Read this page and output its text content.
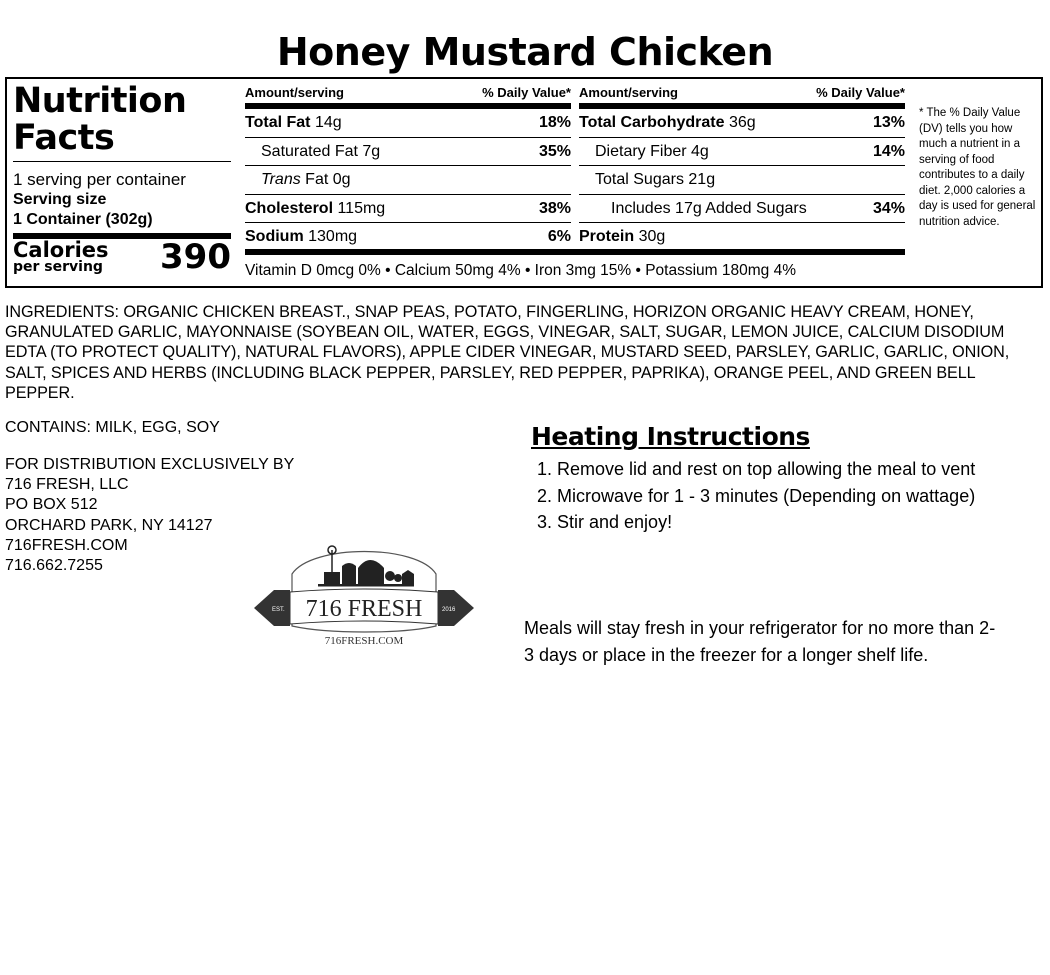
Honey Mustard Chicken
Nutrition
Facts
1 serving per container
Serving size
1 Container (302g)
Calories
per serving 390
Amount/serving	% Daily Value*
Total Fat 14g	18%
Saturated Fat 7g	35%
Trans Fat 0g
Cholesterol 115mg	38%
Sodium 130mg	6%
Amount/serving	% Daily Value*
Total Carbohydrate 36g	13%
Dietary Fiber 4g	14%
Total Sugars 21g
Includes 17g Added Sugars	34%
Protein 30g
Vitamin D 0mcg 0% • Calcium 50mg 4% • Iron 3mg 15% • Potassium 180mg 4%
* The % Daily Value (DV) tells you how much a nutrient in a serving of food contributes to a daily diet. 2,000 calories a day is used for general nutrition advice.
INGREDIENTS: ORGANIC CHICKEN BREAST., SNAP PEAS, POTATO, FINGERLING, HORIZON ORGANIC HEAVY CREAM, HONEY, GRANULATED GARLIC, MAYONNAISE (SOYBEAN OIL, WATER, EGGS, VINEGAR, SALT, SUGAR, LEMON JUICE, CALCIUM DISODIUM EDTA (TO PROTECT QUALITY), NATURAL FLAVORS), APPLE CIDER VINEGAR, MUSTARD SEED, PARSLEY, GARLIC, GARLIC, ONION, SALT, SPICES AND HERBS (INCLUDING BLACK PEPPER, PARSLEY, RED PEPPER, PAPRIKA), ORANGE PEEL, AND GREEN BELL PEPPER.
CONTAINS: MILK, EGG, SOY
FOR DISTRIBUTION EXCLUSIVELY BY
716 FRESH, LLC
PO BOX 512
ORCHARD PARK, NY 14127
716FRESH.COM
716.662.7255
EST.	2016
716 FRESH
716FRESH.COM
Heating Instructions
1. Remove lid and rest on top allowing the meal to vent
2. Microwave for 1 - 3 minutes (Depending on wattage)
3. Stir and enjoy!
Meals will stay fresh in your refrigerator for no more than 2-3 days or place in the freezer for a longer shelf life.
